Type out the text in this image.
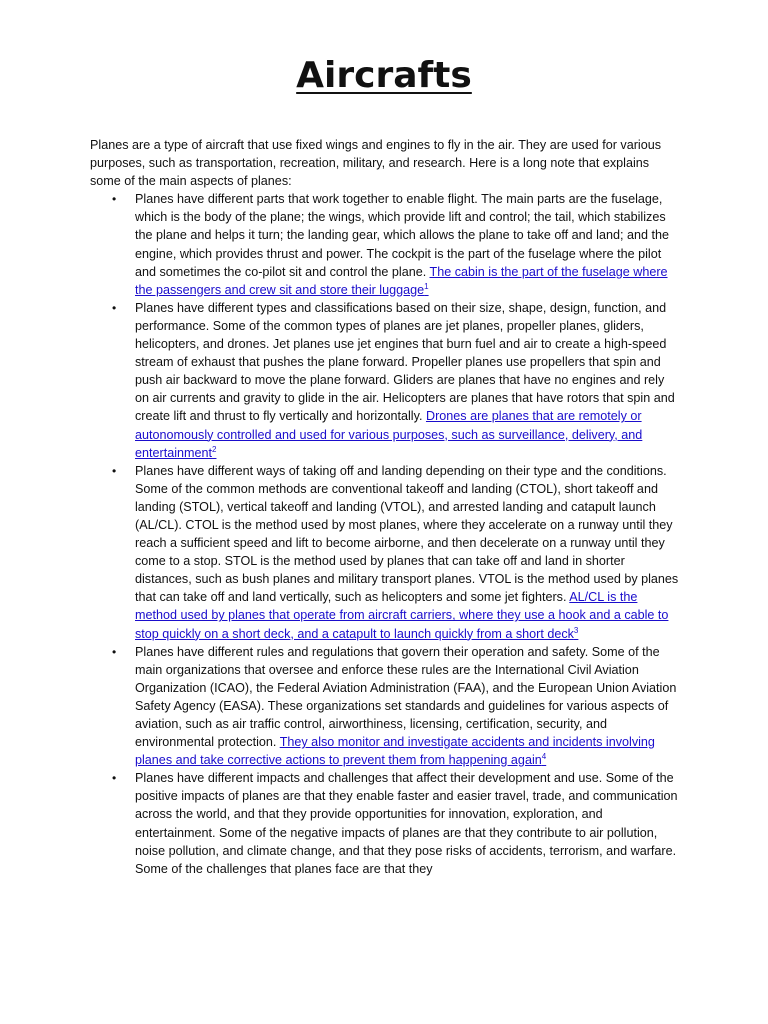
Aircrafts

Planes are a type of aircraft that use fixed wings and engines to fly in the air. They are used for various purposes, such as transportation, recreation, military, and research. Here is a long note that explains some of the main aspects of planes:

• Planes have different parts that work together to enable flight. The main parts are the fuselage, which is the body of the plane; the wings, which provide lift and control; the tail, which stabilizes the plane and helps it turn; the landing gear, which allows the plane to take off and land; and the engine, which provides thrust and power. The cockpit is the part of the fuselage where the pilot and sometimes the co-pilot sit and control the plane. The cabin is the part of the fuselage where the passengers and crew sit and store their luggage$^1$
• Planes have different types and classifications based on their size, shape, design, function, and performance. Some of the common types of planes are jet planes, propeller planes, gliders, helicopters, and drones. Jet planes use jet engines that burn fuel and air to create a high-speed stream of exhaust that pushes the plane forward. Propeller planes use propellers that spin and push air backward to move the plane forward. Gliders are planes that have no engines and rely on air currents and gravity to glide in the air. Helicopters are planes that have rotors that spin and create lift and thrust to fly vertically and horizontally. Drones are planes that are remotely or autonomously controlled and used for various purposes, such as surveillance, delivery, and entertainment$^2$
• Planes have different ways of taking off and landing depending on their type and the conditions. Some of the common methods are conventional takeoff and landing (CTOL), short takeoff and landing (STOL), vertical takeoff and landing (VTOL), and arrested landing and catapult launch (AL/CL). CTOL is the method used by most planes, where they accelerate on a runway until they reach a sufficient speed and lift to become airborne, and then decelerate on a runway until they come to a stop. STOL is the method used by planes that can take off and land in shorter distances, such as bush planes and military transport planes. VTOL is the method used by planes that can take off and land vertically, such as helicopters and some jet fighters. AL/CL is the method used by planes that operate from aircraft carriers, where they use a hook and a cable to stop quickly on a short deck, and a catapult to launch quickly from a short deck$^3$
• Planes have different rules and regulations that govern their operation and safety. Some of the main organizations that oversee and enforce these rules are the International Civil Aviation Organization (ICAO), the Federal Aviation Administration (FAA), and the European Union Aviation Safety Agency (EASA). These organizations set standards and guidelines for various aspects of aviation, such as air traffic control, airworthiness, licensing, certification, security, and environmental protection. They also monitor and investigate accidents and incidents involving planes and take corrective actions to prevent them from happening again$^4$
• Planes have different impacts and challenges that affect their development and use. Some of the positive impacts of planes are that they enable faster and easier travel, trade, and communication across the world, and that they provide opportunities for innovation, exploration, and entertainment. Some of the negative impacts of planes are that they contribute to air pollution, noise pollution, and climate change, and that they pose risks of accidents, terrorism, and warfare. Some of the challenges that planes face are that they
